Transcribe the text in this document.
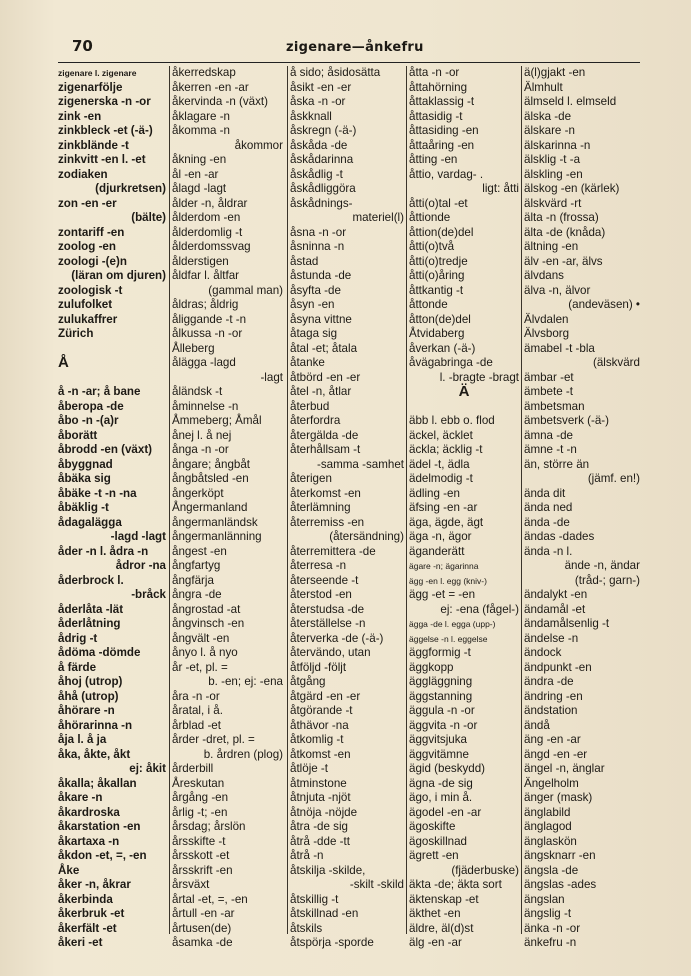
70	zigenare—ånkefru
zigenare l. zigenare
zigenarfölje
zigenerska -n -or
zink -en
zinkbleck -et (-ä-)
zinkbländе -t
zinkvitt -en l. -et
zodiaken
(djurkretsen)
zon -en -er
(bälte)
zontariff -en
zoolog -en
zoologi -(e)n
(läran om djuren)
zoologisk -t
zulufolket
zulukaffrer
Zürich
Å
å -n -ar; å bane
åberopa -de
åbo -n -(a)r
åborätt
åbrodd -en (växt)
åbyggnad
åbäka sig
åbäke -t -n -na
åbäklig -t
ådagalägga
-lagd -lagt
åder -n l. ådra -n
ådror -na
åderbrock l.
-bråck
åderlåta -lät
åderlåtning
ådrig -t
ådöma -dömde
å färde
åhoj (utrop)
åhå (utrop)
åhörare -n
åhörarinna -n
åja l. å ja
åka, åkte, åkt
ej: åkit
åkalla; åkallan
åkare -n
åkardroska
åkarstation -en
åkartaxa -n
åkdon -et, =, -en
Åke
åker -n, åkrar
åkerbinda
åkerbruk -et
åkerfält -et
åkeri -et
åkerredskap
åkerren -en -ar
åkervinda -n (växt)
åklagare -n
åkomma -n
åkommor
åkning -en
ål -en -ar
ålagd -lagt
ålder -n, åldrar
ålderdom -en
ålderdomlig -t
ålderdomssvag
ålderstigen
åldfar l. åltfar
(gammal man)
åldras; åldrig
åliggande -t -n
ålkussa -n -or
Ålleberg
ålägga -lagd
-lagt
åländsk -t
åminnelse -n
Åmmeberg; Åmål
ånej l. å nej
ånga -n -or
ångare; ångbåt
ångbåtsled -en
ångerköpt
Ångermanland
ångermanländsk
ångermanlänning
ångest -en
ångfartyg
ångfärja
ångra -de
ångrostad -at
ångvinsch -en
ångvält -en
ånyo l. å nyo
år -et, pl. =
b. -en; ej: -ena
åra -n -or
åratal, i å.
årblad -et
årder -dret, pl. =
b. årdren (plog)
årderbill
Åreskutan
årgång -en
årlig -t; -en
årsdag; årslön
årsskifte -t
årsskott -et
årsskrift -en
årsväxt
årtal -et, =, -en
årtull -en -ar
årtusen(de)
åsamka -de
å sido; åsidosätta
åsikt -en -er
åska -n -or
åskknall
åskregn (-ä-)
åskåda -de
åskådarinna
åskådlig -t
åskådliggöra
åskådnings-
materiel(l)
åsna -n -or
åsninna -n
åstad
åstunda -de
åsyfta -de
åsyn -en
åsyna vittne
åtaga sig
åtal -et; åtala
åtanke
åtbörd -en -er
åtel -n, åtlar
återbud
återfordra
återgälda -de
återhållsam -t
-samma -samhet
återigen
återkomst -en
återlämning
återremiss -en
(återsändning)
återremittera -de
återresa -n
återseende -t
återstod -en
återstudsa -de
återställelse -n
återverka -de (-ä-)
återvändo, utan
åtföljd -följt
åtgång
åtgärd -en -er
åtgörande -t
åthävor -na
åtkomlig -t
åtkomst -en
åtlöje -t
åtminstone
åtnjuta -njöt
åtnöja -nöjde
åtra -de sig
åtrå -dde -tt
åtrå -n
åtskilja -skilde,
-skilt -skild
åtskillig -t
åtskillnad -en
åtskils
åtspörja -sporde
åtta -n -or
åttahörning
åttaklassig -t
åttasidig -t
åttasiding -en
åttaåring -en
åtting -en
åttio, vardag- .
ligt: åtti
åtti(o)tal -et
åttionde
åttion(de)del
åtti(o)två
åtti(o)tredje
åtti(o)åring
åttkantig -t
åttonde
åtton(de)del
Åtvidaberg
åverkan (-ä-)
åvägabringa -de
l. -bragte -bragt
Ä
äbb l. ebb o. flod
äckel, äcklet
äckla; äcklig -t
ädel -t, ädla
ädelmodig -t
ädling -en
äfsing -en -ar
äga, ägde, ägt
äga -n, ägor
äganderätt
ägare -n; ägarinna
ägg -en l. egg (kniv-)
ägg -et = -en
ej: -ena (fågel-)
ägga -de l. egga (upp-)
äggelse -n l. eggelse
äggformig -t
äggkopp
äggläggning
äggstanning
äggula -n -or
äggvita -n -or
äggvitsjuka
äggvitämne
ägid (beskydd)
ägna -de sig
ägo, i min å.
ägodel -en -ar
ägoskifte
ägoskillnad
ägrett -en
(fjäderbuske)
äkta -de; äkta sort
äktenskap -et
äkthet -en
äldre, äl(d)st
älg -en -ar
ä(l)gjakt -en
Älmhult
älmseld l. elmseld
älska -de
älskare -n
älskarinna -n
älsklig -t -a
älskling -en
älskog -en (kärlek)
älskvärd -rt
älta -n (frossa)
älta -de (knåda)
ältning -en
älv -en -ar, älvs
älvdans
älva -n, älvor
(andeväsen) •
Älvdalen
Älvsborg
ämabel -t -bla
(älskvärd
ämbar -et
ämbete -t
ämbetsman
ämbetsverk (-ä-)
ämna -de
ämne -t -n
än, större än
(jämf. en!)
ända dit
ända ned
ända -de
ändas -dades
ända -n l.
ände -n, ändar
(tråd-; garn-)
ändalykt -en
ändamål -et
ändamålsenlig -t
ändelse -n
ändock
ändpunkt -en
ändra -de
ändring -en
ändstation
ändå
äng -en -ar
ängd -en -er
ängel -n, änglar
Ängelholm
änger (mask)
änglabild
änglagod
änglaskön
ängsknarr -en
ängsla -de
ängslas -ades
ängslan
ängslig -t
änka -n -or
änkefru -n
